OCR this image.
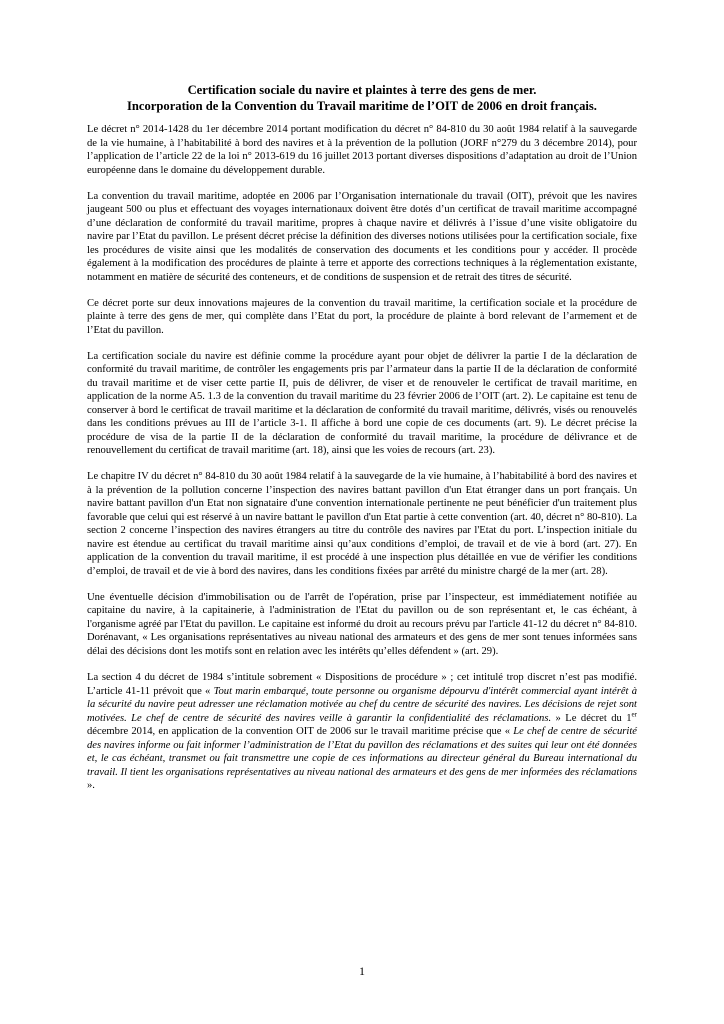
Certification sociale du navire et plaintes à terre des gens de mer.
Incorporation de la Convention du Travail maritime de l’OIT de 2006 en droit français.

Le décret n° 2014-1428 du 1er décembre 2014 portant modification du décret n° 84-810 du 30 août 1984 relatif à la sauvegarde de la vie humaine, à l’habitabilité à bord des navires et à la prévention de la pollution (JORF n°279 du 3 décembre 2014), pour l’application de l’article 22 de la loi n° 2013-619 du 16 juillet 2013 portant diverses dispositions d’adaptation au droit de l’Union européenne dans le domaine du développement durable.

La convention du travail maritime, adoptée en 2006 par l’Organisation internationale du travail (OIT), prévoit que les navires jaugeant 500 ou plus et effectuant des voyages internationaux doivent être dotés d’un certificat de travail maritime accompagné d’une déclaration de conformité du travail maritime, propres à chaque navire et délivrés à l’issue d’une visite obligatoire du navire par l’Etat du pavillon. Le présent décret précise la définition des diverses notions utilisées pour la certification sociale, fixe les procédures de visite ainsi que les modalités de conservation des documents et les conditions pour y accéder. Il procède également à la modification des procédures de plainte à terre et apporte des corrections techniques à la réglementation existante, notamment en matière de sécurité des conteneurs, et de conditions de suspension et de retrait des titres de sécurité.

Ce décret porte sur deux innovations majeures de la convention du travail maritime, la certification sociale et la procédure de plainte à terre des gens de mer, qui complète dans l’Etat du port, la procédure de plainte à bord relevant de l’armement et de l’Etat du pavillon.

La certification sociale du navire est définie comme la procédure ayant pour objet de délivrer la partie I de la déclaration de conformité du travail maritime, de contrôler les engagements pris par l’armateur dans la partie II de la déclaration de conformité du travail maritime et de viser cette partie II, puis de délivrer, de viser et de renouveler le certificat de travail maritime, en application de la norme A5. 1.3 de la convention du travail maritime du 23 février 2006 de l’OIT (art. 2). Le capitaine est tenu de conserver à bord le certificat de travail maritime et la déclaration de conformité du travail maritime, délivrés, visés ou renouvelés dans les conditions prévues au III de l’article 3-1. Il affiche à bord une copie de ces documents (art. 9). Le décret précise la procédure de visa de la partie II de la déclaration de conformité du travail maritime, la procédure de délivrance et de renouvellement du certificat de travail maritime (art. 18), ainsi que les voies de recours (art. 23).

Le chapitre IV du décret n° 84-810 du 30 août 1984 relatif à la sauvegarde de la vie humaine, à l’habitabilité à bord des navires et à la prévention de la pollution concerne l’inspection des navires battant pavillon d'un Etat étranger dans un port français. Un navire battant pavillon d'un Etat non signataire d'une convention internationale pertinente ne peut bénéficier d'un traitement plus favorable que celui qui est réservé à un navire battant le pavillon d'un Etat partie à cette convention (art. 40, décret n° 80-810). La section 2 concerne l’inspection des navires étrangers au titre du contrôle des navires par l'Etat du port. L’inspection initiale du navire est étendue au certificat du travail maritime ainsi qu’aux conditions d’emploi, de travail et de vie à bord (art. 27). En application de la convention du travail maritime, il est procédé à une inspection plus détaillée en vue de vérifier les conditions d’emploi, de travail et de vie à bord des navires, dans les conditions fixées par arrêté du ministre chargé de la mer (art. 28).

Une éventuelle décision d'immobilisation ou de l'arrêt de l'opération, prise par l’inspecteur, est immédiatement notifiée au capitaine du navire, à la capitainerie, à l'administration de l'Etat du pavillon ou de son représentant et, le cas échéant, à l'organisme agréé par l'Etat du pavillon. Le capitaine est informé du droit au recours prévu par l'article 41-12 du décret n° 84-810. Dorénavant, « Les organisations représentatives au niveau national des armateurs et des gens de mer sont tenues informées sans délai des décisions dont les motifs sont en relation avec les intérêts qu’elles défendent » (art. 29).

La section 4 du décret de 1984 s’intitule sobrement « Dispositions de procédure » ; cet intitulé trop discret n’est pas modifié. L’article 41-11 prévoit que « Tout marin embarqué, toute personne ou organisme dépourvu d'intérêt commercial ayant intérêt à la sécurité du navire peut adresser une réclamation motivée au chef du centre de sécurité des navires. Les décisions de rejet sont motivées. Le chef de centre de sécurité des navires veille à garantir la confidentialité des réclamations. » Le décret du 1er décembre 2014, en application de la convention OIT de 2006 sur le travail maritime précise que « Le chef de centre de sécurité des navires informe ou fait informer l’administration de l’Etat du pavillon des réclamations et des suites qui leur ont été données et, le cas échéant, transmet ou fait transmettre une copie de ces informations au directeur général du Bureau international du travail. Il tient les organisations représentatives au niveau national des armateurs et des gens de mer informées des réclamations ».

1
